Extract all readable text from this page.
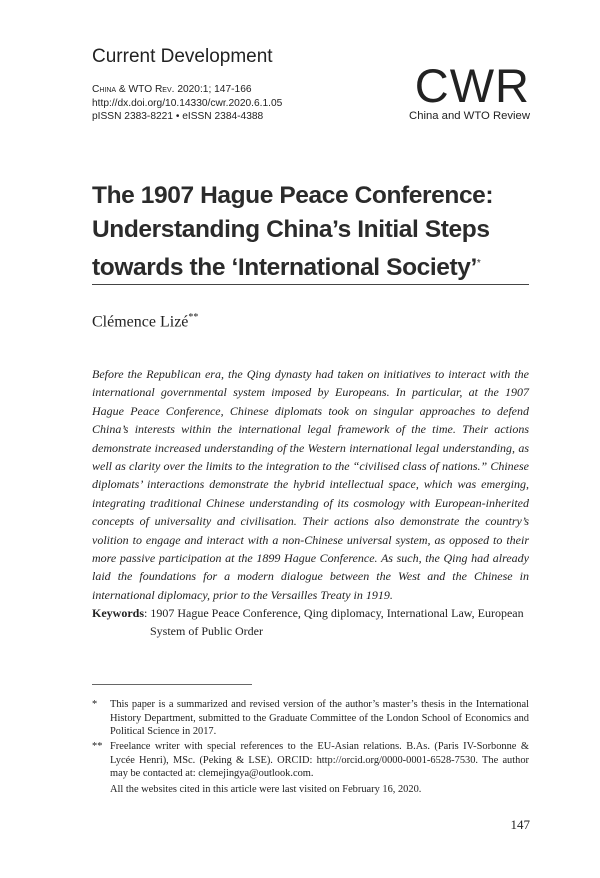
Current Development
China & WTO Rev. 2020:1; 147-166
http://dx.doi.org/10.14330/cwr.2020.6.1.05
pISSN 2383-8221 • eISSN 2384-4388
CWR
China and WTO Review
The 1907 Hague Peace Conference:
Understanding China’s Initial Steps
towards the ‘International Society’*
Clémence Lizé**
Before the Republican era, the Qing dynasty had taken on initiatives to interact with the international governmental system imposed by Europeans. In particular, at the 1907 Hague Peace Conference, Chinese diplomats took on singular approaches to defend China’s interests within the international legal framework of the time. Their actions demonstrate increased understanding of the Western international legal understanding, as well as clarity over the limits to the integration to the “civilised class of nations.” Chinese diplomats’ interactions demonstrate the hybrid intellectual space, which was emerging, integrating traditional Chinese understanding of its cosmology with European-inherited concepts of universality and civilisation. Their actions also demonstrate the country’s volition to engage and interact with a non-Chinese universal system, as opposed to their more passive participation at the 1899 Hague Conference. As such, the Qing had already laid the foundations for a modern dialogue between the West and the Chinese in international diplomacy, prior to the Versailles Treaty in 1919.
Keywords: 1907 Hague Peace Conference, Qing diplomacy, International Law, European
System of Public Order
* This paper is a summarized and revised version of the author’s master’s thesis in the International History Department, submitted to the Graduate Committee of the London School of Economics and Political Science in 2017.
** Freelance writer with special references to the EU-Asian relations. B.As. (Paris IV-Sorbonne & Lycée Henri), MSc. (Peking & LSE). ORCID: http://orcid.org/0000-0001-6528-7530. The author may be contacted at: clemejingya@outlook.com.
All the websites cited in this article were last visited on February 16, 2020.
147
